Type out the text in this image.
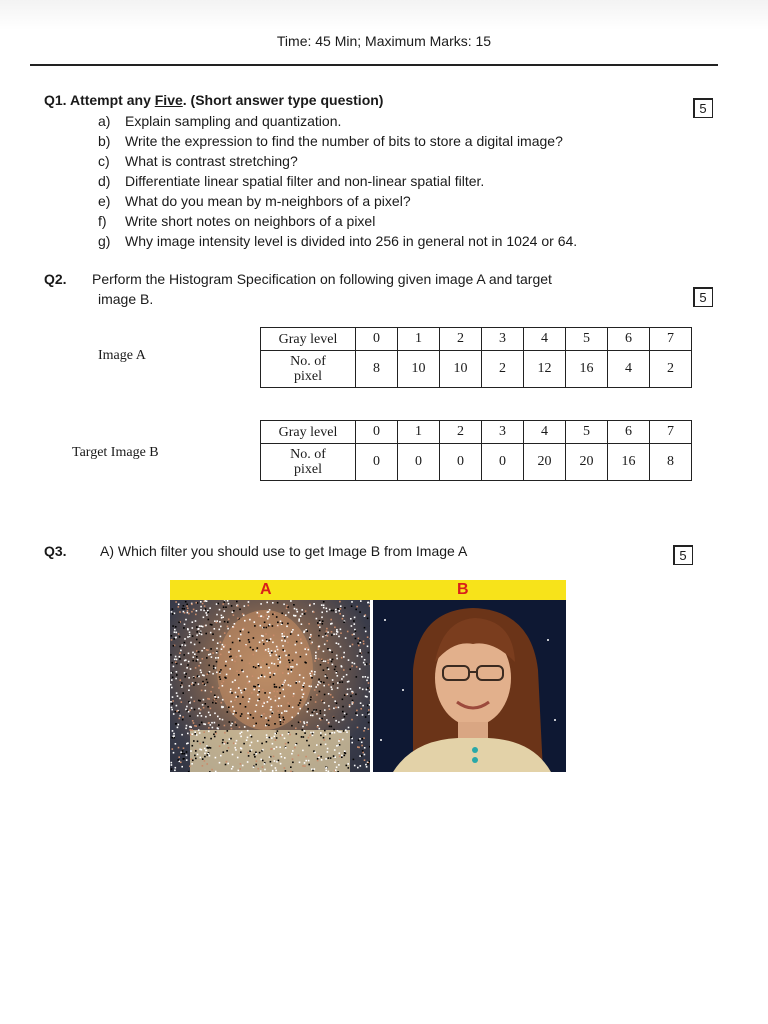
Time: 45 Min; Maximum Marks: 15
Q1. Attempt any Five. (Short answer type question)	5
a) Explain sampling and quantization.
b) Write the expression to find the number of bits to store a digital image?
c) What is contrast stretching?
d) Differentiate linear spatial filter and non-linear spatial filter.
e) What do you mean by m-neighbors of a pixel?
f) Write short notes on neighbors of a pixel
g) Why image intensity level is divided into 256 in general not in 1024 or 64.
Q2. Perform the Histogram Specification on following given image A and target
image B.	5
Image A
Gray level	0	1	2	3	4	5	6	7
No. of
pixel	8	10	10	2	12	16	4	2
Target Image B
Gray level	0	1	2	3	4	5	6	7
No. of
pixel	0	0	0	0	20	20	16	8
Q3. A) Which filter you should use to get Image B from Image A	5
A	B
